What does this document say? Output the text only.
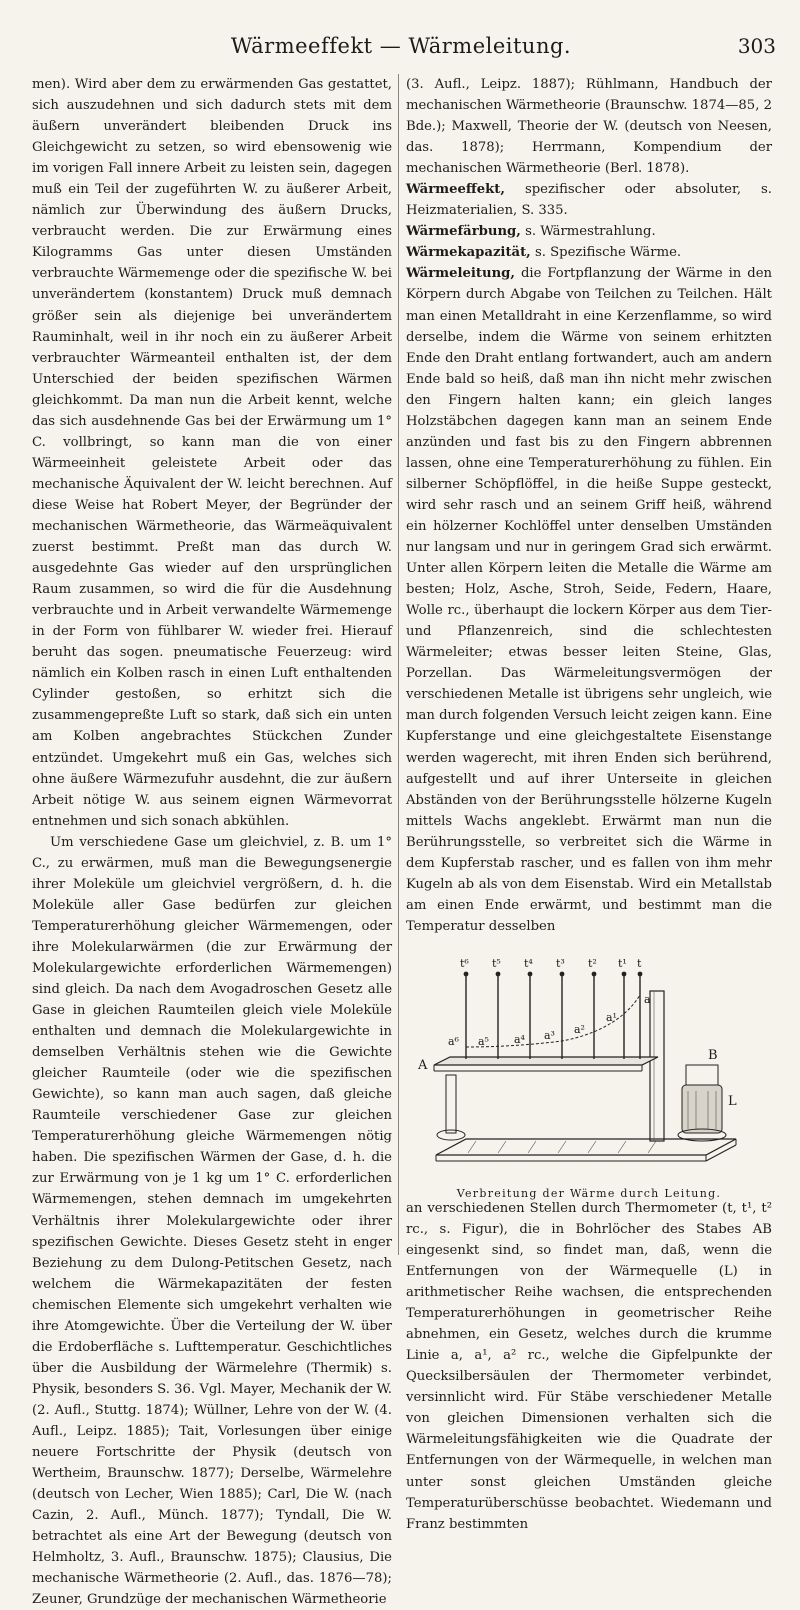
Wärmeeffekt — Wärmeleitung.	303

men). Wird aber dem zu erwärmenden Gas gestattet, sich auszudehnen und sich dadurch stets mit dem äußern unverändert bleibenden Druck ins Gleichgewicht zu setzen, so wird ebensowenig wie im vorigen Fall innere Arbeit zu leisten sein, dagegen muß ein Teil der zugeführten W. zu äußerer Arbeit, nämlich zur Überwindung des äußern Drucks, verbraucht werden. Die zur Erwärmung eines Kilogramms Gas unter diesen Umständen verbrauchte Wärmemenge oder die spezifische W. bei unverändertem (konstantem) Druck muß demnach größer sein als diejenige bei unverändertem Rauminhalt, weil in ihr noch ein zu äußerer Arbeit verbrauchter Wärmeanteil enthalten ist, der dem Unterschied der beiden spezifischen Wärmen gleichkommt. Da man nun die Arbeit kennt, welche das sich ausdehnende Gas bei der Erwärmung um 1° C. vollbringt, so kann man die von einer Wärmeeinheit geleistete Arbeit oder das mechanische Äquivalent der W. leicht berechnen. Auf diese Weise hat Robert Meyer, der Begründer der mechanischen Wärmetheorie, das Wärmeäquivalent zuerst bestimmt. Preßt man das durch W. ausgedehnte Gas wieder auf den ursprünglichen Raum zusammen, so wird die für die Ausdehnung verbrauchte und in Arbeit verwandelte Wärmemenge in der Form von fühlbarer W. wieder frei. Hierauf beruht das sogen. pneumatische Feuerzeug: wird nämlich ein Kolben rasch in einen Luft enthaltenden Cylinder gestoßen, so erhitzt sich die zusammengepreßte Luft so stark, daß sich ein unten am Kolben angebrachtes Stückchen Zunder entzündet. Umgekehrt muß ein Gas, welches sich ohne äußere Wärmezufuhr ausdehnt, die zur äußern Arbeit nötige W. aus seinem eignen Wärmevorrat entnehmen und sich sonach abkühlen.

Um verschiedene Gase um gleichviel, z. B. um 1° C., zu erwärmen, muß man die Bewegungsenergie ihrer Moleküle um gleichviel vergrößern, d. h. die Moleküle aller Gase bedürfen zur gleichen Temperaturerhöhung gleicher Wärmemengen, oder ihre Molekularwärmen (die zur Erwärmung der Molekulargewichte erforderlichen Wärmemengen) sind gleich. Da nach dem Avogadroschen Gesetz alle Gase in gleichen Raumteilen gleich viele Moleküle enthalten und demnach die Molekulargewichte in demselben Verhältnis stehen wie die Gewichte gleicher Raumteile (oder wie die spezifischen Gewichte), so kann man auch sagen, daß gleiche Raumteile verschiedener Gase zur gleichen Temperaturerhöhung gleiche Wärmemengen nötig haben. Die spezifischen Wärmen der Gase, d. h. die zur Erwärmung von je 1 kg um 1° C. erforderlichen Wärmemengen, stehen demnach im umgekehrten Verhältnis ihrer Molekulargewichte oder ihrer spezifischen Gewichte. Dieses Gesetz steht in enger Beziehung zu dem Dulong-Petitschen Gesetz, nach welchem die Wärmekapazitäten der festen chemischen Elemente sich umgekehrt verhalten wie ihre Atomgewichte. Über die Verteilung der W. über die Erdoberfläche s. Lufttemperatur. Geschichtliches über die Ausbildung der Wärmelehre (Thermik) s. Physik, besonders S. 36. Vgl. Mayer, Mechanik der W. (2. Aufl., Stuttg. 1874); Wüllner, Lehre von der W. (4. Aufl., Leipz. 1885); Tait, Vorlesungen über einige neuere Fortschritte der Physik (deutsch von Wertheim, Braunschw. 1877); Derselbe, Wärmelehre (deutsch von Lecher, Wien 1885); Carl, Die W. (nach Cazin, 2. Aufl., Münch. 1877); Tyndall, Die W. betrachtet als eine Art der Bewegung (deutsch von Helmholtz, 3. Aufl., Braunschw. 1875); Clausius, Die mechanische Wärmetheorie (2. Aufl., das. 1876—78); Zeuner, Grundzüge der mechanischen Wärmetheorie

(3. Aufl., Leipz. 1887); Rühlmann, Handbuch der mechanischen Wärmetheorie (Braunschw. 1874—85, 2 Bde.); Maxwell, Theorie der W. (deutsch von Neesen, das. 1878); Herrmann, Kompendium der mechanischen Wärmetheorie (Berl. 1878).

Wärmeeffekt, spezifischer oder absoluter, s. Heizmaterialien, S. 335.

Wärmefärbung, s. Wärmestrahlung.

Wärmekapazität, s. Spezifische Wärme.

Wärmeleitung, die Fortpflanzung der Wärme in den Körpern durch Abgabe von Teilchen zu Teilchen. Hält man einen Metalldraht in eine Kerzenflamme, so wird derselbe, indem die Wärme von seinem erhitzten Ende den Draht entlang fortwandert, auch am andern Ende bald so heiß, daß man ihn nicht mehr zwischen den Fingern halten kann; ein gleich langes Holzstäbchen dagegen kann man an seinem Ende anzünden und fast bis zu den Fingern abbrennen lassen, ohne eine Temperaturerhöhung zu fühlen. Ein silberner Schöpflöffel, in die heiße Suppe gesteckt, wird sehr rasch und an seinem Griff heiß, während ein hölzerner Kochlöffel unter denselben Umständen nur langsam und nur in geringem Grad sich erwärmt. Unter allen Körpern leiten die Metalle die Wärme am besten; Holz, Asche, Stroh, Seide, Federn, Haare, Wolle rc., überhaupt die lockern Körper aus dem Tier- und Pflanzenreich, sind die schlechtesten Wärmeleiter; etwas besser leiten Steine, Glas, Porzellan. Das Wärmeleitungsvermögen der verschiedenen Metalle ist übrigens sehr ungleich, wie man durch folgenden Versuch leicht zeigen kann. Eine Kupferstange und eine gleichgestaltete Eisenstange werden wagerecht, mit ihren Enden sich berührend, aufgestellt und auf ihrer Unterseite in gleichen Abständen von der Berührungsstelle hölzerne Kugeln mittels Wachs angeklebt. Erwärmt man nun die Berührungsstelle, so verbreitet sich die Wärme in dem Kupferstab rascher, und es fallen von ihm mehr Kugeln ab als von dem Eisenstab. Wird ein Metallstab am einen Ende erwärmt, und bestimmt man die Temperatur desselben

t⁶ t⁵ t⁴ t³ t² t¹ t
a⁶ a⁵ a⁴ a³ a²
a¹
a
A
B
L
Verbreitung der Wärme durch Leitung.

an verschiedenen Stellen durch Thermometer (t, t¹, t² rc., s. Figur), die in Bohrlöcher des Stabes AB eingesenkt sind, so findet man, daß, wenn die Entfernungen von der Wärmequelle (L) in arithmetischer Reihe wachsen, die entsprechenden Temperaturerhöhungen in geometrischer Reihe abnehmen, ein Gesetz, welches durch die krumme Linie a, a¹, a² rc., welche die Gipfelpunkte der Quecksilbersäulen der Thermometer verbindet, versinnlicht wird. Für Stäbe verschiedener Metalle von gleichen Dimensionen verhalten sich die Wärmeleitungsfähigkeiten wie die Quadrate der Entfernungen von der Wärmequelle, in welchen man unter sonst gleichen Umständen gleiche Temperaturüberschüsse beobachtet. Wiedemann und Franz bestimmten
